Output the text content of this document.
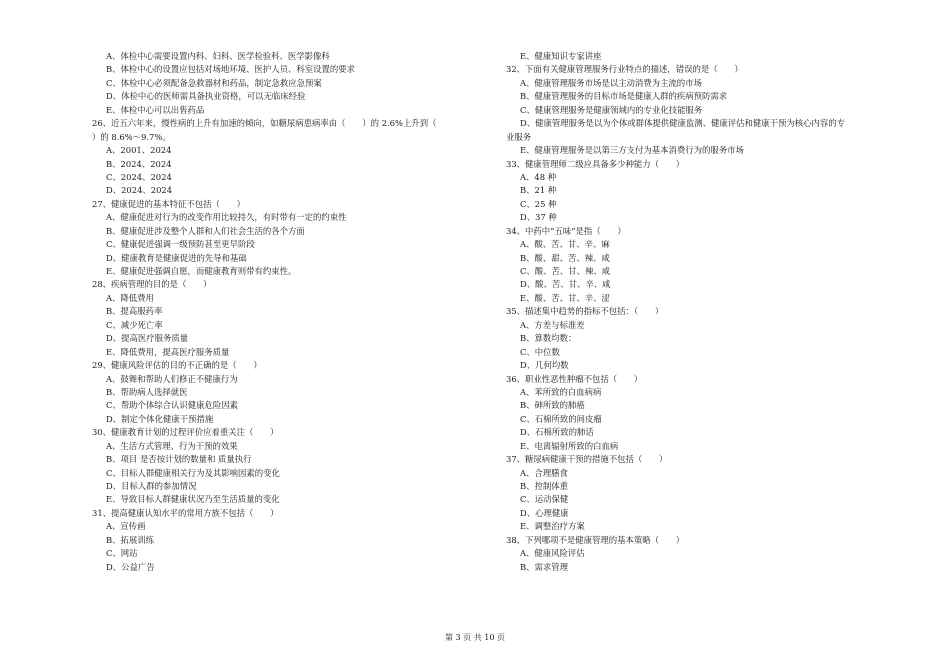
A、体检中心需要设置内科、妇科、医学检验科、医学影像科
B、体检中心的设置应包括对场地环境、医护人员、科室设置的要求
C、体检中心必须配备急救器材和药品，制定急救应急预案
D、体检中心的医师需具备执业资格，可以无临床经验
E、体检中心可以出售药品
26、近五六年来，慢性病的上升有加速的倾向，如糖尿病患病率由（　　）的 2.6%上升到（
）的 8.6%～9.7%。
A、2001、2024
B、2024、2024
C、2024、2024
D、2024、2024
27、健康促进的基本特征不包括（　　）
A、健康促进对行为的改变作用比较持久，有时带有一定的约束性
B、健康促进涉及整个人群和人们社会生活的各个方面
C、健康促进强调一级预防甚至更早阶段
D、健康教育是健康促进的先导和基础
E、健康促进强调自愿，而健康教育则带有约束性。
28、疾病管理的目的是（　　）
A、降低费用
B、提高服药率
C、减少死亡率
D、提高医疗服务质量
E、降低费用，提高医疗服务质量
29、健康风险评估的目的不正确的是（　　）
A、鼓舞和帮助人们修正不健康行为
B、帮助病人选择就医
C、帮助个体综合认识健康危险因素
D、制定个体化健康干预措施
30、健康教育计划的过程评价应着重关注（　　）
A、生活方式管理、行为干预的效果
B、项目 是否按计划的数量和 质量执行
C、目标人群健康相关行为及其影响因素的变化
D、目标人群的参加情况
E、导致目标人群健康状况乃至生活质量的变化
31、提高健康认知水平的常用方族不包括（　　）
A、宣传画
B、拓展训练
C、网站
D、公益广告
E、健康知识专家讲座
32、下面有关健康管理服务行业特点的描述，错误的是（　　）
A、健康管理服务市场是以主动消费为主流的市场
B、健康管理服务的目标市场是健康人群的疾病预防需求
C、健康管理服务是健康领域内的专业化技能服务
D、健康管理服务是以为个体或群体提供健康监测、健康评估和健康干预为核心内容的专
业服务
E、健康管理服务是以第三方支付为基本消费行为的服务市场
33、健康管理师二级应具备多少种能力（　　）
A、48 种
B、21 种
C、25 种
D、37 种
34、中药中“五味”是指（　　）
A、酸、苦、甘、辛、麻
B、酸、甜、苦、辣、咸
C、酸、苦、甘、辣、咸
D、酸、苦、甘、辛、咸
E、酸、苦、甘、辛、涩
35、描述集中趋势的指标不包括：（　　）
A、方差与标准差
B、算数均数：
C、中位数
D、几何均数
36、职业性恶性肿瘤不包括（　　）
A、苯所致的白血病病
B、砷所致的肺癌
C、石棉所致的间皮瘤
D、石棉所致的肺话
E、电离辐射所致的白血病
37、糖尿病健康干预的措施不包括（　　）
A、合理膳食
B、控制体重
C、运动保健
D、心理健康
E、调整治疗方案
38、下列哪项不是健康管理的基本策略（　　）
A、健康风险评估
B、需求管理
第 3 页 共 10 页
